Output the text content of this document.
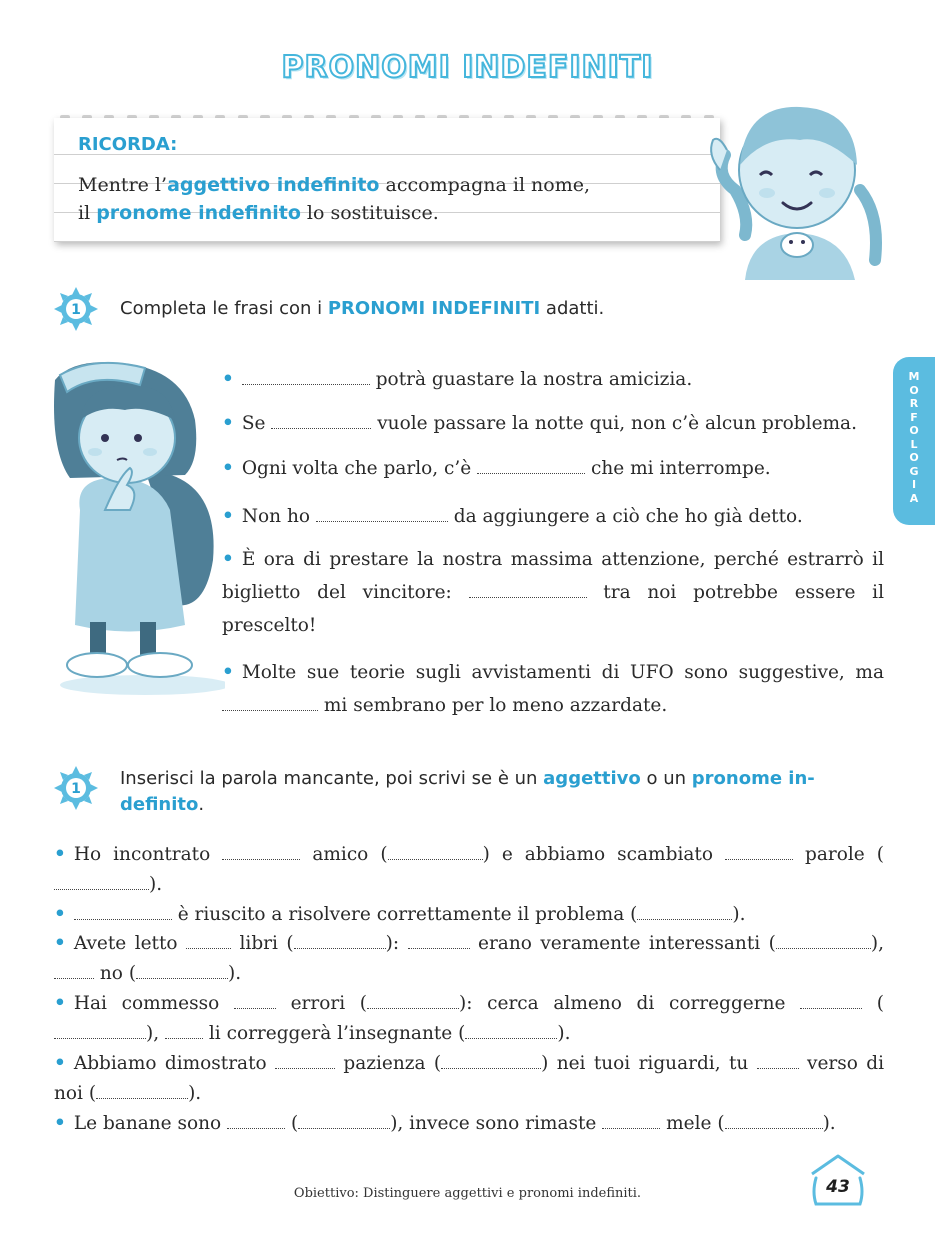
PRONOMI INDEFINITI
RICORDA:
Mentre l’aggettivo indefinito accompagna il nome,
il pronome indefinito lo sostituisce.
1 Completa le frasi con i PRONOMI INDEFINITI adatti.
•	potrà guastare la nostra amicizia.
• Se	vuole passare la notte qui, non c’è alcun problema.
• Ogni volta che parlo, c’è	che mi interrompe.
• Non ho	da aggiungere a ciò che ho già detto.
• È ora di prestare la nostra massima attenzione, perché estrarrò il biglietto del vincitore:	tra noi potrebbe essere il prescelto!
• Molte sue teorie sugli avvistamenti di UFO sono suggestive, ma  mi sembrano per lo meno azzardate.
1 Inserisci la parola mancante, poi scrivi se è un aggettivo o un pronome in-
definito.
• Ho incontrato	amico (	) e abbiamo scambiato	parole ().
•	è riuscito a risolvere correttamente il problema (	).
• Avete letto  libri (	):	erano veramente interessanti (	),  no (	).
• Hai commesso  errori (	): cerca almeno di correggerne	(),  li correggerà l’insegnante (	).
• Abbiamo dimostrato	pazienza (	) nei tuoi riguardi, tu  verso di noi (	).
• Le banane sono	(	), invece sono rimaste	mele (	).
M
O
R
F
O
L
O
G
I
A
Obiettivo: Distinguere aggettivi e pronomi indefiniti.	43
